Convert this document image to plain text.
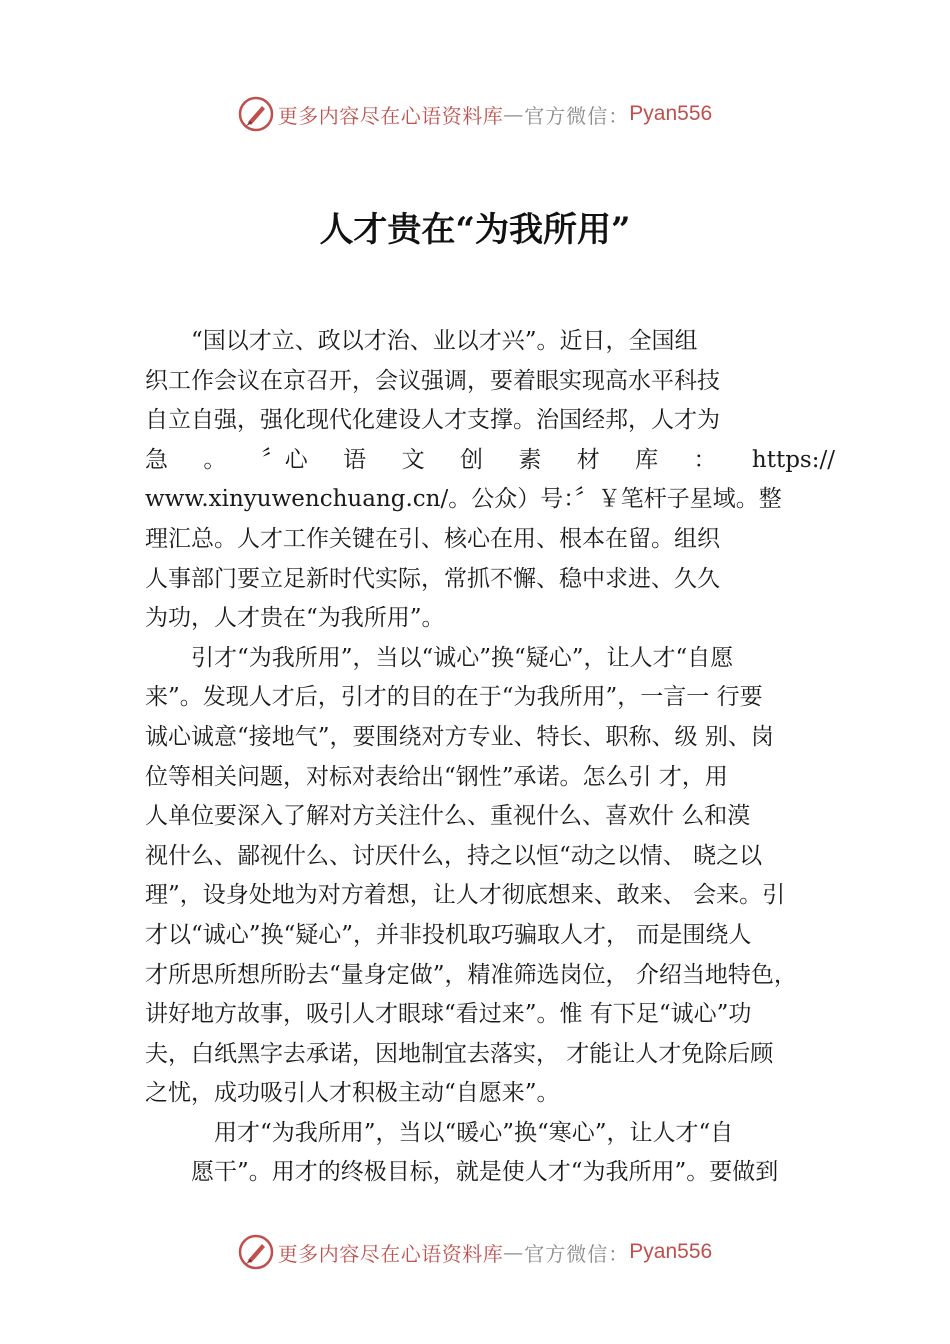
更多内容尽在心语资料库 — 官方微信： Pyan556
人才贵在“为我所用”
　　“国以才立、政以才治、业以才兴”。近日，全国组
织工作会议在京召开，会议强调，要着眼实现高水平科技
自立自强，强化现代化建设人才支撑。治国经邦，人才为
急 。 〞心 语 文 创 素 材 库 ： https://
www.xinyuwenchuang.cn/。公众）号：〞￥笔杆子星域。整
理汇总。人才工作关键在引、核心在用、根本在留。组织
人事部门要立足新时代实际，常抓不懈、稳中求进、久久
为功，人才贵在“为我所用”。
　　引才“为我所用”，当以“诚心”换“疑心”，让人才“自愿
来”。发现人才后，引才的目的在于“为我所用”，一言一 行要
诚心诚意“接地气”，要围绕对方专业、特长、职称、级 别、岗
位等相关问题，对标对表给出“钢性”承诺。怎么引 才，用
人单位要深入了解对方关注什么、重视什么、喜欢什 么和漠
视什么、鄙视什么、讨厌什么，持之以恒“动之以情、 晓之以
理”，设身处地为对方着想，让人才彻底想来、敢来、 会来。引
才以“诚心”换“疑心”，并非投机取巧骗取人才， 而是围绕人
才所思所想所盼去“量身定做”，精准筛选岗位， 介绍当地特色，
讲好地方故事，吸引人才眼球“看过来”。惟 有下足“诚心”功
夫，白纸黑字去承诺，因地制宜去落实， 才能让人才免除后顾
之忧，成功吸引人才积极主动“自愿来”。
　　　用才“为我所用”，当以“暖心”换“寒心”，让人才“自
　　愿干”。用才的终极目标，就是使人才“为我所用”。要做到
更多内容尽在心语资料库 — 官方微信： Pyan556
